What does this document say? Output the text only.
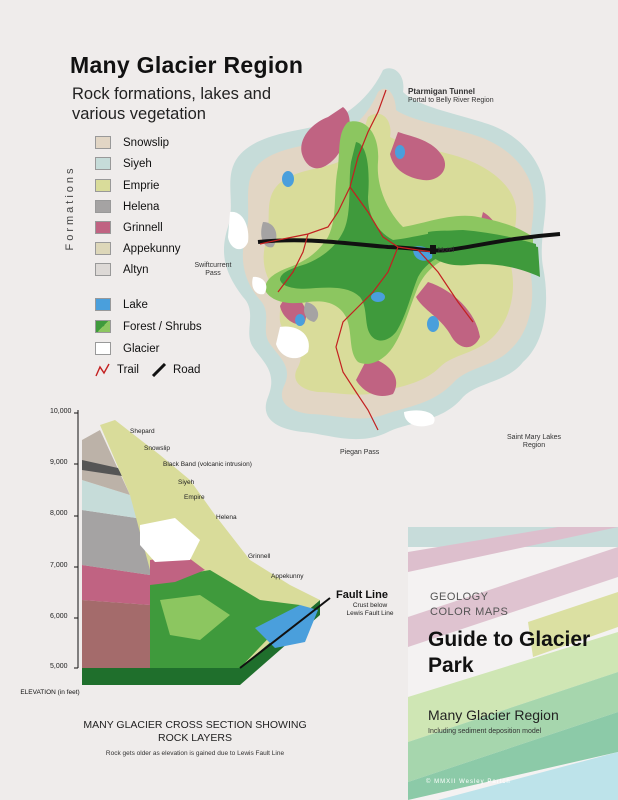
Many Glacier Region
Rock formations, lakes and various vegetation
Formations
Snowslip
Siyeh
Emprie
Helena
Grinnell
Appekunny
Altyn
Lake
Forest / Shrubs
Glacier
Trail	Road
Ptarmigan Tunnel
Portal to Belly River Region
Swiftcurrent Pass
Hotel
Saint Mary Lakes Region
Piegan Pass
10,000
9,000
8,000
7,000
6,000
5,000
ELEVATION (in feet)
Shepard
Snowslip
Black Band (volcanic intrusion)
Siyeh
Empire
Helena
Grinnell
Appekunny
Fault Line
Crust below Lewis Fault Line
MANY GLACIER CROSS SECTION SHOWING ROCK LAYERS
Rock gets older as elevation is gained due to Lewis Fault Line
GEOLOGY COLOR MAPS
Guide to Glacier Park
Many Glacier Region
Including sediment deposition model
© MMXII Wesley Partch
